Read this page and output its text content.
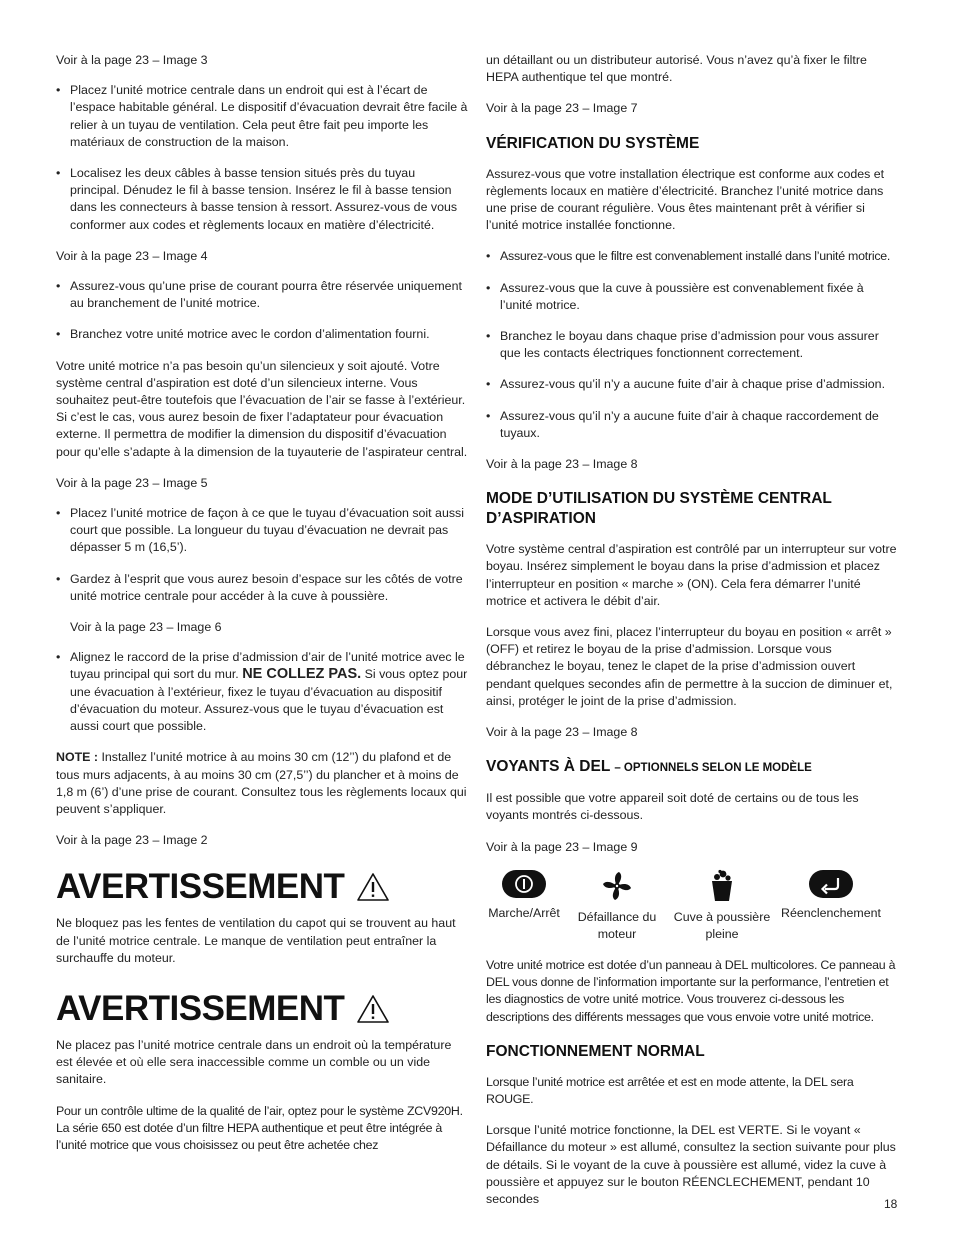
Voir à la page 23 – Image 3

• Placez l’unité motrice centrale dans un endroit qui est à l’écart de l’espace habitable général. Le dispositif d’évacuation devrait être facile à relier à un tuyau de ventilation. Cela peut être fait peu importe les matériaux de construction de la maison.
• Localisez les deux câbles à basse tension situés près du tuyau principal. Dénudez le fil à basse tension. Insérez le fil à basse tension dans les connecteurs à basse tension à ressort. Assurez-vous de vous conformer aux codes et règlements locaux en matière d’électricité.

Voir à la page 23 – Image 4

• Assurez-vous qu’une prise de courant pourra être réservée uniquement au branchement de l’unité motrice.
• Branchez votre unité motrice avec le cordon d’alimentation fourni.

Votre unité motrice n’a pas besoin qu’un silencieux y soit ajouté. Votre système central d’aspiration est doté d’un silencieux interne. Vous souhaitez peut-être toutefois que l’évacuation de l’air se fasse à l’extérieur. Si c’est le cas, vous aurez besoin de fixer l’adaptateur pour évacuation externe. Il permettra de modifier la dimension du dispositif d’évacuation pour qu’elle s’adapte à la dimension de la tuyauterie de l’aspirateur central.

Voir à la page 23 – Image 5

• Placez l’unité motrice de façon à ce que le tuyau d’évacuation soit aussi court que possible. La longueur du tuyau d’évacuation ne devrait pas dépasser 5 m (16,5’).
• Gardez à l’esprit que vous aurez besoin d’espace sur les côtés de votre unité motrice centrale pour accéder à la cuve à poussière.

Voir à la page 23 – Image 6

• Alignez le raccord de la prise d’admission d’air de l’unité motrice avec le tuyau principal qui sort du mur. NE COLLEZ PAS. Si vous optez pour une évacuation à l’extérieur, fixez le tuyau d’évacuation au dispositif d’évacuation du moteur. Assurez-vous que le tuyau d’évacuation est aussi court que possible.

NOTE : Installez l’unité motrice à au moins 30 cm (12’’) du plafond et de tous murs adjacents, à au moins 30 cm (27,5’’) du plancher et à moins de 1,8 m (6’) d’une prise de courant. Consultez tous les règlements locaux qui peuvent s’appliquer.

Voir à la page 23 – Image 2

AVERTISSEMENT

Ne bloquez pas les fentes de ventilation du capot qui se trouvent au haut de l’unité motrice centrale. Le manque de ventilation peut entraîner la surchauffe du moteur.

AVERTISSEMENT

Ne placez pas l’unité motrice centrale dans un endroit où la température est élevée et où elle sera inaccessible comme un comble ou un vide sanitaire.

Pour un contrôle ultime de la qualité de l’air, optez pour le système ZCV920H. La série 650 est dotée d’un filtre HEPA authentique et peut être intégrée à l’unité motrice que vous choisissez ou peut être achetée chez

un détaillant ou un distributeur autorisé. Vous n’avez qu’à fixer le filtre HEPA authentique tel que montré.

Voir à la page 23 – Image 7

VÉRIFICATION DU SYSTÈME

Assurez-vous que votre installation électrique est conforme aux codes et règlements locaux en matière d’électricité. Branchez l’unité motrice dans une prise de courant régulière. Vous êtes maintenant prêt à vérifier si l’unité motrice installée fonctionne.

• Assurez-vous que le filtre est convenablement installé dans l’unité motrice.
• Assurez-vous que la cuve à poussière est convenablement fixée à l’unité motrice.
• Branchez le boyau dans chaque prise d’admission pour vous assurer que les contacts électriques fonctionnent correctement.
• Assurez-vous qu’il n’y a aucune fuite d’air à chaque prise d’admission.
• Assurez-vous qu’il n’y a aucune fuite d’air à chaque raccordement de tuyaux.

Voir à la page 23 – Image 8

MODE D’UTILISATION DU SYSTÈME CENTRAL D’ASPIRATION

Votre système central d’aspiration est contrôlé par un interrupteur sur votre boyau. Insérez simplement le boyau dans la prise d’admission et placez l’interrupteur en position « marche » (ON). Cela fera démarrer l’unité motrice et activera le débit d’air.

Lorsque vous avez fini, placez l’interrupteur du boyau en position « arrêt » (OFF) et retirez le boyau de la prise d’admission. Lorsque vous débranchez le boyau, tenez le clapet de la prise d’admission ouvert pendant quelques secondes afin de permettre à la succion de diminuer et, ainsi, protéger le joint de la prise d’admission.

Voir à la page 23 – Image 8

VOYANTS À DEL – OPTIONNELS SELON LE MODÈLE

Il est possible que votre appareil soit doté de certains ou de tous les voyants montrés ci-dessous.

Voir à la page 23 – Image 9

Marche/Arrêt	Défaillance du moteur
Cuve à poussière pleine
Réenclenchement

Votre unité motrice est dotée d’un panneau à DEL multicolores. Ce panneau à DEL vous donne de l’information importante sur la performance, l’entretien et les diagnostics de votre unité motrice. Vous trouverez ci-dessous les descriptions des différents messages que vous envoie votre unité motrice.

FONCTIONNEMENT NORMAL

Lorsque l’unité motrice est arrêtée et est en mode attente, la DEL sera ROUGE.

Lorsque l’unité motrice fonctionne, la DEL est VERTE. Si le voyant « Défaillance du moteur » est allumé, consultez la section suivante pour plus de détails. Si le voyant de la cuve à poussière est allumé, videz la cuve à poussière et appuyez sur le bouton RÉENCLECHEMENT, pendant 10 secondes	18
